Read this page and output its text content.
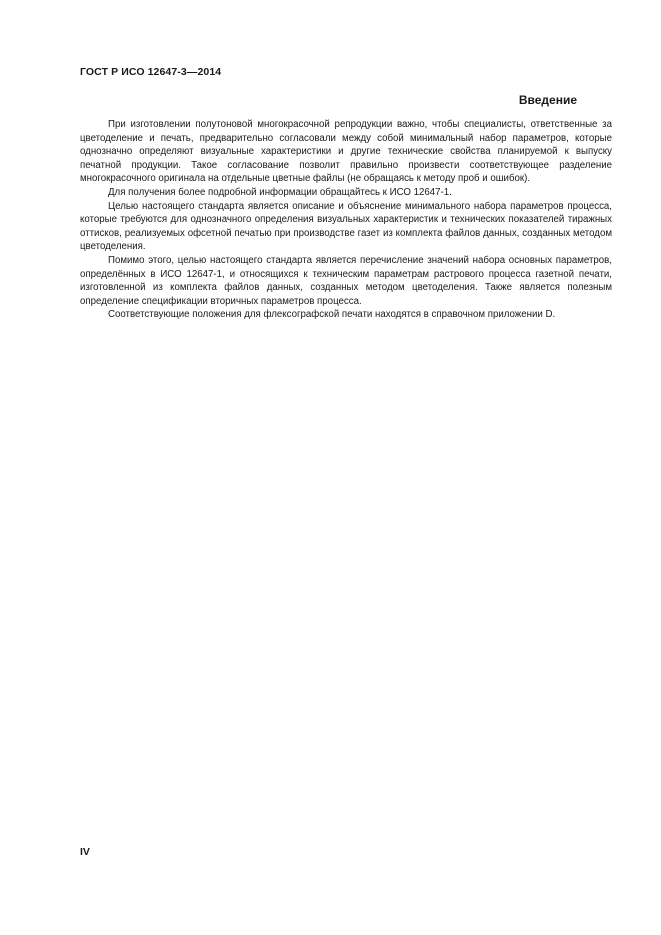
ГОСТ Р ИСО 12647-3—2014
Введение

При изготовлении полутоновой многокрасочной репродукции важно, чтобы специалисты, ответственные за цветоделение и печать, предварительно согласовали между собой минимальный набор параметров, которые однозначно определяют визуальные характеристики и другие технические свойства планируемой к выпуску печатной продукции. Такое согласование позволит правильно произвести соответствующее разделение многокрасочного оригинала на отдельные цветные файлы (не обращаясь к методу проб и ошибок).

Для получения более подробной информации обращайтесь к ИСО 12647-1.

Целью настоящего стандарта является описание и объяснение минимального набора параметров процесса, которые требуются для однозначного определения визуальных характеристик и технических показателей тиражных оттисков, реализуемых офсетной печатью при производстве газет из комплекта файлов данных, созданных методом цветоделения.

Помимо этого, целью настоящего стандарта является перечисление значений набора основных параметров, определённых в ИСО 12647-1, и относящихся к техническим параметрам растрового процесса газетной печати, изготовленной из комплекта файлов данных, созданных методом цветоделения. Также является полезным определение спецификации вторичных параметров процесса.

Соответствующие положения для флексографской печати находятся в справочном приложении D.

IV
